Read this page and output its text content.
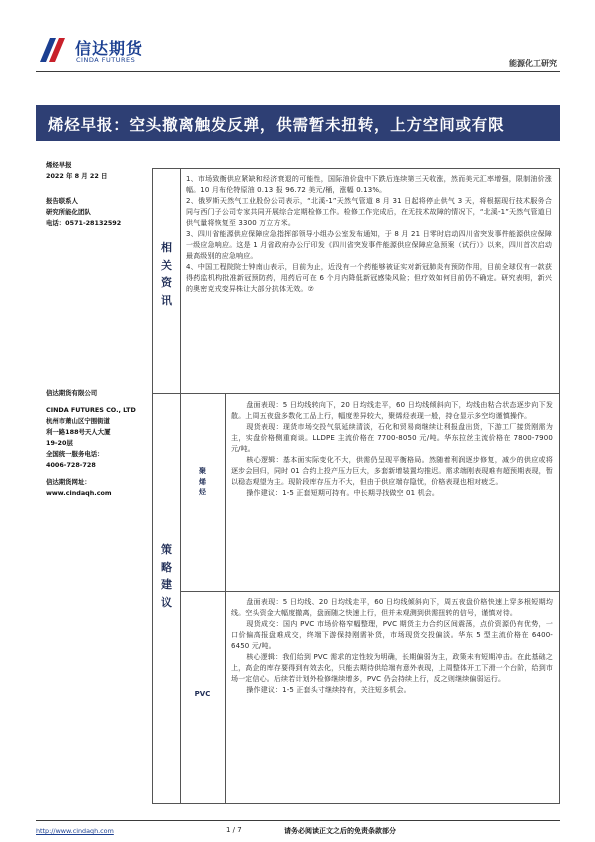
信达期货
CINDA FUTURES	能源化工研究
烯烃早报：空头撤离触发反弹，供需暂未扭转，上方空间或有限
烯烃早报
2022 年 8 月 22 日
报告联系人
研究所能化团队
电话：0571-28132592
信达期货有限公司
CINDA FUTURES CO., LTD
杭州市萧山区宁围街道
利一路188号天人大厦
19-20层
全国统一服务电话：
4006-728-728
信达期货网址：
www.cindaqh.com
相
关
资
讯

1、市场致衡供应紧缺和经济衰退的可能性，国际油价盘中下跌后连续第三天收涨，然而美元汇率增强，限制油价涨幅。10 月布伦特原油 0.13 报 96.72 美元/桶，涨幅 0.13%。

2、俄罗斯天然气工业股份公司表示，“北溪-1”天然气管道 8 月 31 日起将停止供气 3 天，将根据现行技术服务合同与西门子公司专家共同开展综合定期检修工作。检修工作完成后，在无技术故障的情况下，“北溪-1”天然气管道日供气量将恢复至 3300 万立方米。

3、四川省能源供应保障应急指挥部领导小组办公室发布通知，于 8 月 21 日零时启动四川省突发事件能源供应保障一级应急响应。这是 1 月省政府办公厅印发《四川省突发事件能源供应保障应急预案（试行）》以来，四川首次启动最高级别的应急响应。

4、中国工程院院士钟南山表示，目前为止，近没有一个药能够被证实对新冠肺炎有预防作用，目前全球仅有一款获得药监机构批准新冠预防药，用药后可在 6 个月内降低新冠感染风险；但疗效如何目前仍不确定。研究表明，新兴的奥密克戎变异株让大部分抗体无效。⑦

策
略
建
议
聚
烯
烃

盘面表现：5 日均线转向下，20 日均线走平，60 日均线倾斜向下，均线由粘合状态逐步向下发散。上周五夜盘多数化工品上行，幅度差异较大，聚烯烃表现一般，持仓显示多空均谨慎操作。

现货表现：现货市场交投气氛延续清淡，石化和贸易商继续让利报盘出货，下游工厂接货刚需为主，实盘价格侧重商谈。LLDPE 主流价格在 7700-8050 元/吨。华东拉丝主流价格在 7800-7900 元/吨。

核心逻辑：基本面实际变化不大，供需仍呈现平衡格局。然随着利润逐步修复，减少的供应或将逐步会回归，同时 01 合约上投产压力巨大，多套新增装置均推迟。需求端刚表现难有超预期表现，暂以稳态观望为主。现阶段库存压力不大，但由于供应端存隐忧，价格表现也相对疲乏。

操作建议：1-5 正套短期可持有。中长期寻找做空 01 机会。

PVC

盘面表现：5 日均线、20 日均线走平，60 日均线倾斜向下，周五夜盘价格快速上穿多根短期均线。空头资金大幅度撤离，盘面随之快速上行，但并未观测到供需扭转的信号，谨慎对待。

现货成交：国内 PVC 市场价格窄幅整理，PVC 期货主力合约区间震荡，点价资源仍有优势，一口价偏高报盘难成交，终端下游保持刚需补货，市场现货交投偏淡。华东 5 型主流价格在 6400-6450 元/吨。

核心逻辑：我们给到 PVC 需求的定性较为明确，长期偏弱为主，政策未有短期冲击。在此基础之上，高企的库存要得到有效去化，只能去期待供给端有意外表现，上周整体开工下滑一个台阶，给到市场一定信心。后续若计划外检修继续增多，PVC 仍会持续上行，反之则继续偏弱运行。

操作建议：1-5 正套头寸继续持有，关注短多机会。

http://www.cindaqh.com	1 / 7	请务必阅读正文之后的免责条款部分
